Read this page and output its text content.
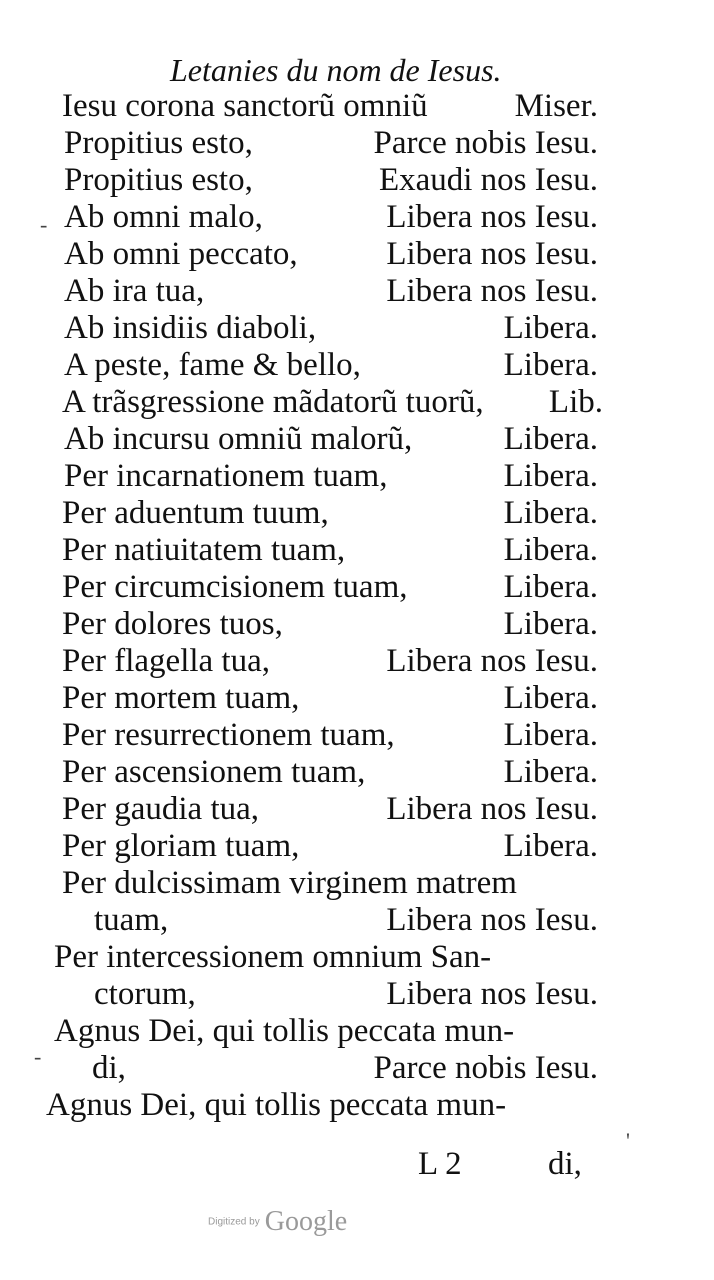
Letanies du nom de Iesus.
Iesu corona sanctorũ omniũ	Miser.
Propitius esto,	Parce nobis Iesu.
Propitius esto,	Exaudi nos Iesu.
Ab omni malo,	Libera nos Iesu.
Ab omni peccato,	Libera nos Iesu.
Ab ira tua,	Libera nos Iesu.
Ab insidiis diaboli,	Libera.
A peste, fame & bello,	Libera.
A trãsgressione mãdatorũ tuorũ, Lib.
Ab incursu omniũ malorũ,	Libera.
Per incarnationem tuam,	Libera.
Per aduentum tuum,	Libera.
Per natiuitatem tuam,	Libera.
Per circumcisionem tuam,	Libera.
Per dolores tuos,	Libera.
Per flagella tua,	Libera nos Iesu.
Per mortem tuam,	Libera.
Per resurrectionem tuam,	Libera.
Per ascensionem tuam,	Libera.
Per gaudia tua,	Libera nos Iesu.
Per gloriam tuam,	Libera.
Per dulcissimam virginem matrem
tuam,	Libera nos Iesu.
Per intercessionem omnium San-
ctorum,	Libera nos Iesu.
Agnus Dei, qui tollis peccata mun-
di,	Parce nobis Iesu.
Agnus Dei, qui tollis peccata mun-
L 2	di,
-
-
'
Digitized by Google
